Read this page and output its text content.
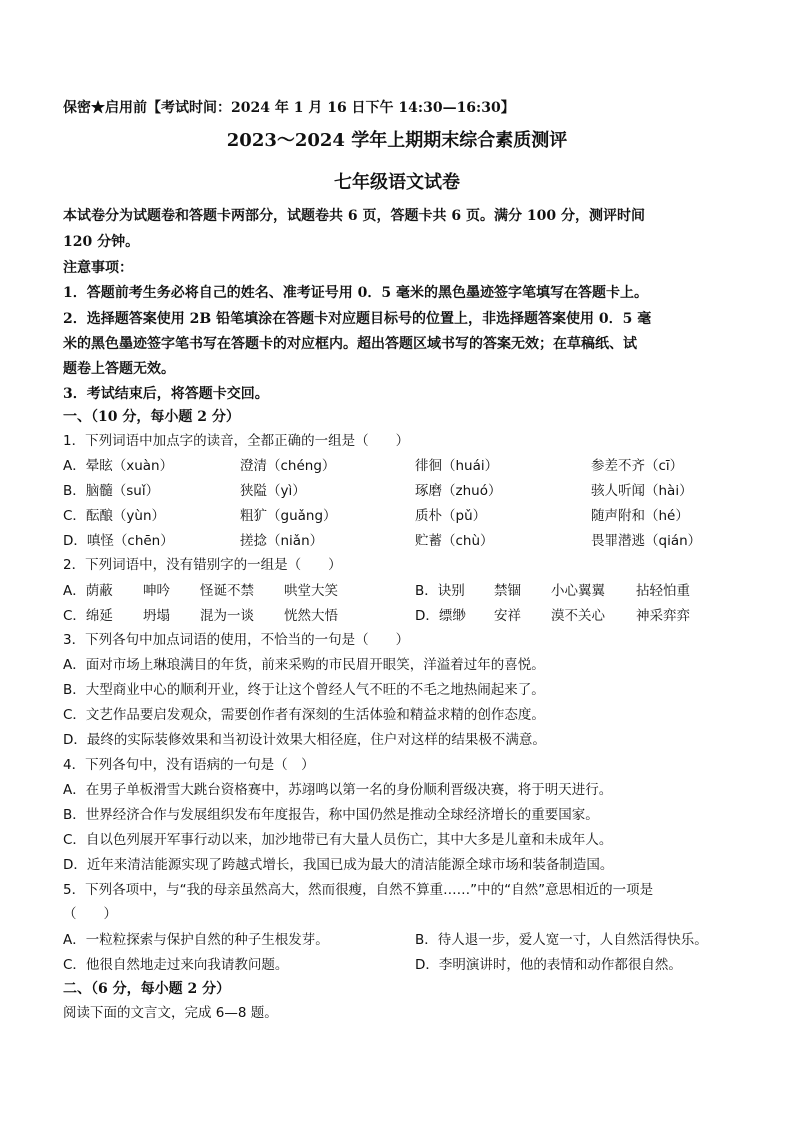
保密★启用前【考试时间：2024 年 1 月 16 日下午 14:30—16:30】
2023～2024 学年上期期末综合素质测评
七年级语文试卷
本试卷分为试题卷和答题卡两部分，试题卷共 6 页，答题卡共 6 页。满分 100 分，测评时间
120 分钟。
注意事项：
1．答题前考生务必将自己的姓名、准考证号用 0．5 毫米的黑色墨迹签字笔填写在答题卡上。
2．选择题答案使用 2B 铅笔填涂在答题卡对应题目标号的位置上，非选择题答案使用 0．5 毫
米的黑色墨迹签字笔书写在答题卡的对应框内。超出答题区域书写的答案无效；在草稿纸、试
题卷上答题无效。
3．考试结束后，将答题卡交回。
一、（10 分，每小题 2 分）
1．下列词语中加点字的读音，全都正确的一组是（　　）
A．晕眩（xuàn）	澄清（chéng）	徘徊（huái）	参差不齐（cī）
B．脑髓（suǐ）	狭隘（yì）	琢磨（zhuó）	骇人听闻（hài）
C．酝酿（yùn）	粗犷（guǎng）	质朴（pǔ）	随声附和（hé）
D．嗔怪（chēn）	搓捻（niǎn）	贮蓄（chù）	畏罪潜逃（qián）
2．下列词语中，没有错别字的一组是（　　）
A．荫蔽 呻吟 怪诞不禁 哄堂大笑	B．诀别 禁锢 小心翼翼 拈轻怕重
C．绵延 坍塌 混为一谈 恍然大悟	D．缥缈 安祥 漠不关心 神采弈弈
3．下列各句中加点词语的使用，不恰当的一句是（　　）
A．面对市场上琳琅满目的年货，前来采购的市民眉开眼笑，洋溢着过年的喜悦。
B．大型商业中心的顺利开业，终于让这个曾经人气不旺的不毛之地热闹起来了。
C．文艺作品要启发观众，需要创作者有深刻的生活体验和精益求精的创作态度。
D．最终的实际装修效果和当初设计效果大相径庭，住户对这样的结果极不满意。
4．下列各句中，没有语病的一句是（　）
A．在男子单板滑雪大跳台资格赛中，苏翊鸣以第一名的身份顺利晋级决赛，将于明天进行。
B．世界经济合作与发展组织发布年度报告，称中国仍然是推动全球经济增长的重要国家。
C．自以色列展开军事行动以来，加沙地带已有大量人员伤亡，其中大多是儿童和未成年人。
D．近年来清洁能源实现了跨越式增长，我国已成为最大的清洁能源全球市场和装备制造国。
5．下列各项中，与“我的母亲虽然高大，然而很瘦，自然不算重……”中的“自然”意思相近的一项是
（　　）
A．一粒粒探索与保护自然的种子生根发芽。	B．待人退一步，爱人宽一寸，人自然活得快乐。
C．他很自然地走过来向我请教问题。	D．李明演讲时，他的表情和动作都很自然。
二、（6 分，每小题 2 分）
阅读下面的文言文，完成 6—8 题。
